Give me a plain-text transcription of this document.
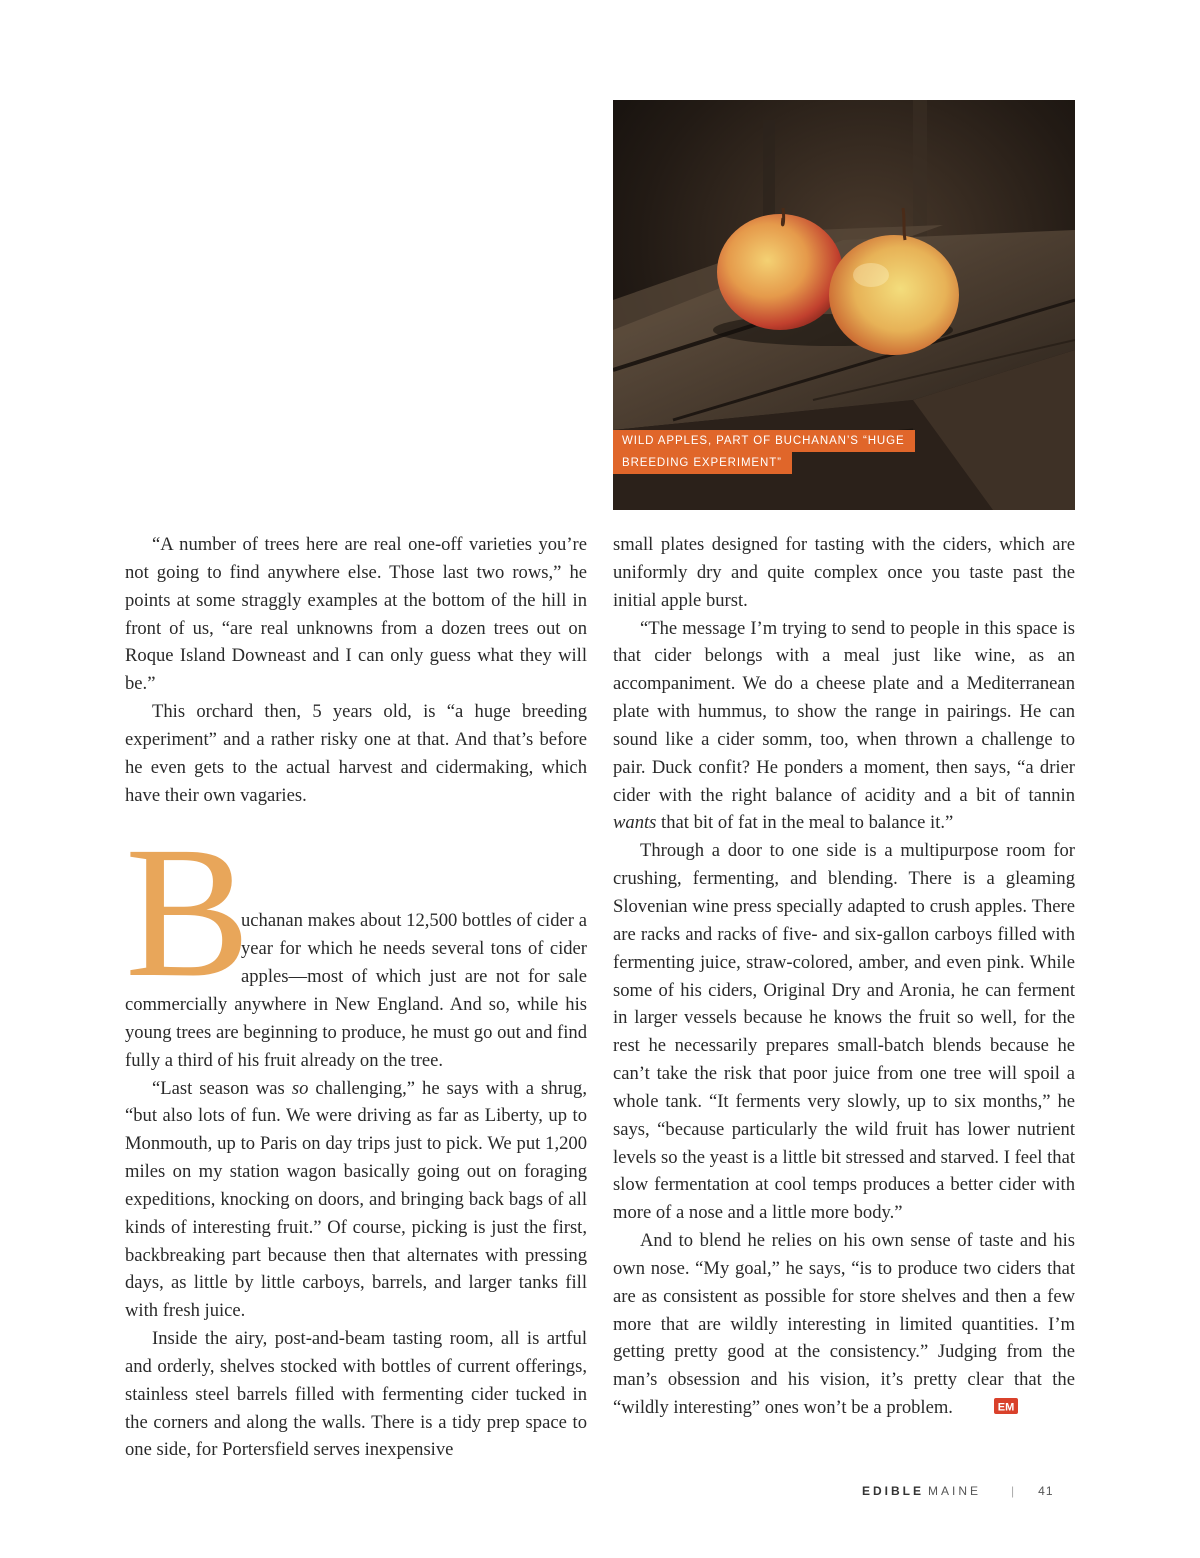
WILD APPLES, PART OF BUCHANAN’S “HUGE
BREEDING EXPERIMENT”

“A number of trees here are real one-off varieties you’re not going to find anywhere else. Those last two rows,” he points at some straggly examples at the bottom of the hill in front of us, “are real unknowns from a dozen trees out on Roque Island Downeast and I can only guess what they will be.”

This orchard then, 5 years old, is “a huge breeding experiment” and a rather risky one at that. And that’s before he even gets to the actual harvest and cidermaking, which have their own vagaries.

B
uchanan makes about 12,500 bottles of cider a year for which he needs several tons of cider apples—most of which just are not for sale commercially anywhere in New England. And so, while his young trees are beginning to produce, he must go out and find fully a third of his fruit already on the tree.

“Last season was so challenging,” he says with a shrug, “but also lots of fun. We were driving as far as Liberty, up to Monmouth, up to Paris on day trips just to pick. We put 1,200 miles on my station wagon basically going out on foraging expeditions, knocking on doors, and bringing back bags of all kinds of interesting fruit.” Of course, picking is just the first, backbreaking part because then that alternates with pressing days, as little by little carboys, barrels, and larger tanks fill with fresh juice.

Inside the airy, post-and-beam tasting room, all is artful and orderly, shelves stocked with bottles of current offerings, stainless steel barrels filled with fermenting cider tucked in the corners and along the walls. There is a tidy prep space to one side, for Portersfield serves inexpensive

small plates designed for tasting with the ciders, which are uniformly dry and quite complex once you taste past the initial apple burst.

“The message I’m trying to send to people in this space is that cider belongs with a meal just like wine, as an accompaniment. We do a cheese plate and a Mediterranean plate with hummus, to show the range in pairings. He can sound like a cider somm, too, when thrown a challenge to pair. Duck confit? He ponders a moment, then says, “a drier cider with the right balance of acidity and a bit of tannin wants that bit of fat in the meal to balance it.”

Through a door to one side is a multipurpose room for crushing, fermenting, and blending. There is a gleaming Slovenian wine press specially adapted to crush apples. There are racks and racks of five- and six-gallon carboys filled with fermenting juice, straw-colored, amber, and even pink. While some of his ciders, Original Dry and Aronia, he can ferment in larger vessels because he knows the fruit so well, for the rest he necessarily prepares small-batch blends because he can’t take the risk that poor juice from one tree will spoil a whole tank. “It ferments very slowly, up to six months,” he says, “because particularly the wild fruit has lower nutrient levels so the yeast is a little bit stressed and starved. I feel that slow fermentation at cool temps produces a better cider with more of a nose and a little more body.”

And to blend he relies on his own sense of taste and his own nose. “My goal,” he says, “is to produce two ciders that are as consistent as possible for store shelves and then a few more that are wildly interesting in limited quantities. I’m getting pretty good at the consistency.” Judging from the man’s obsession and his vision, it’s pretty clear that the “wildly interesting” ones won’t be a problem.	EM

EDIBLE MAINE	| 41
